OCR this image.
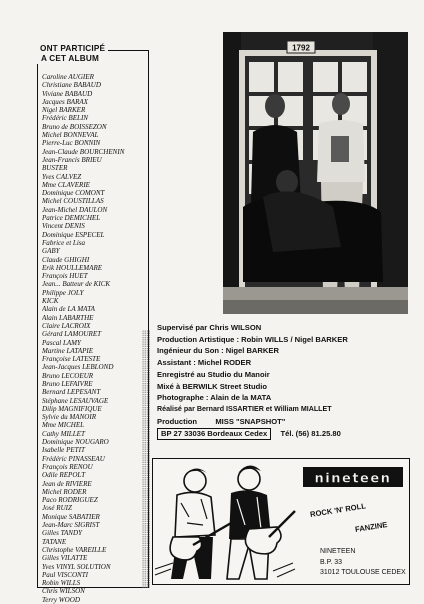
ONT PARTICIPÉ
A CET ALBUM
Caroline AUGIER
Christiane BABAUD
Viviane BABAUD
Jacques BARAX
Nigel BARKER
Frédéric BELIN
Bruno de BOISSEZON
Michel BONNEVAL
Pierre-Luc BONNIN
Jean-Claude BOURCHENIN
Jean-Francis BRIEU
BUSTER
Yves CALVEZ
Mme CLAVERIE
Dominique COMONT
Michel COUSTILLAS
Jean-Michel DAULON
Patrice DEMICHEL
Vincent DENIS
Dominique ESPECEL
Fabrice et Lisa
GABY
Claude GHIGHI
Erik HOULLEMARE
François HUET
Jean... Batteur de KICK
Philippe JOLY
KICK
Alain de LA MATA
Alain LABARTHE
Claire LACROIX
Gérard LAMOURET
Pascal LAMY
Martine LATAPIE
Françoise LATESTE
Jean-Jacques LEBLOND
Bruno LECOEUR
Bruno LEFAIVRE
Bernard LEPESANT
Stéphane LESAUVAGE
Dilip MAGNIFIQUE
Sylvie du MANOIR
Mme MICHEL
Cathy MILLET
Dominique NOUGARO
Isabelle PETIT
Frédéric PINASSEAU
François RENOU
Odile REPOLT
Jean de RIVIERE
Michel RODER
Paco RODRIGUEZ
José RUIZ
Monique SABATIER
Jean-Marc SIGRIST
Gilles TANDY
TATANE
Christophe VAREILLE
Gilles VILATTE
Yves VINYL SOLUTION
Paul VISCONTI
Robin WILLS
Chris WILSON
Terry WOOD
1792
Supervisé par Chris WILSON
Production Artistique : Robin WILLS / Nigel BARKER
Ingénieur du Son : Nigel BARKER
Assistant : Michel RODER
Enregistré au Studio du Manoir
Mixé à BERWILK Street Studio
Photographe : Alain de la MATA
Réalisé par Bernard ISSARTIER et William MIALLET
Production MISS "SNAPSHOT"
BP 27 33036 Bordeaux Cedex Tél. (56) 81.25.80
nineteen
ROCK 'N' ROLL
FANZINE
NINETEEN
B.P. 33
31012 TOULOUSE CEDEX
